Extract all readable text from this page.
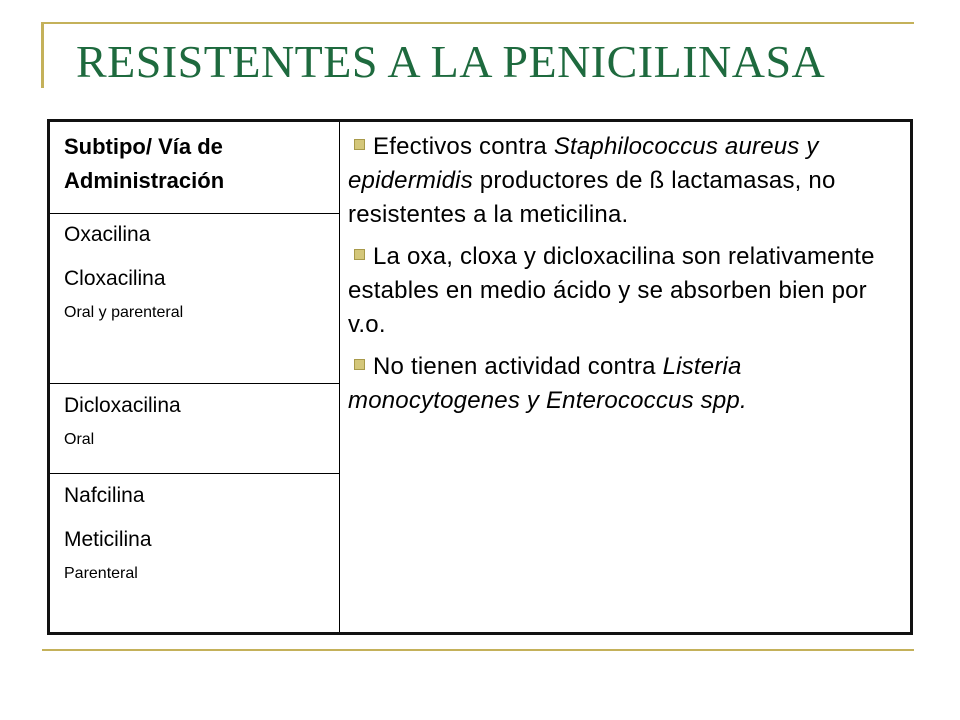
RESISTENTES A LA PENICILINASA
Subtipo/ Vía de Administración
Oxacilina
Cloxacilina
Oral y parenteral
Dicloxacilina
Oral
Nafcilina
Meticilina
Parenteral
Efectivos contra Staphilococcus aureus y epidermidis productores de ß lactamasas, no resistentes a la meticilina.
La oxa, cloxa y dicloxacilina son relativamente estables en medio ácido y se absorben bien por v.o.
No tienen actividad contra Listeria monocytogenes y Enterococcus spp.
